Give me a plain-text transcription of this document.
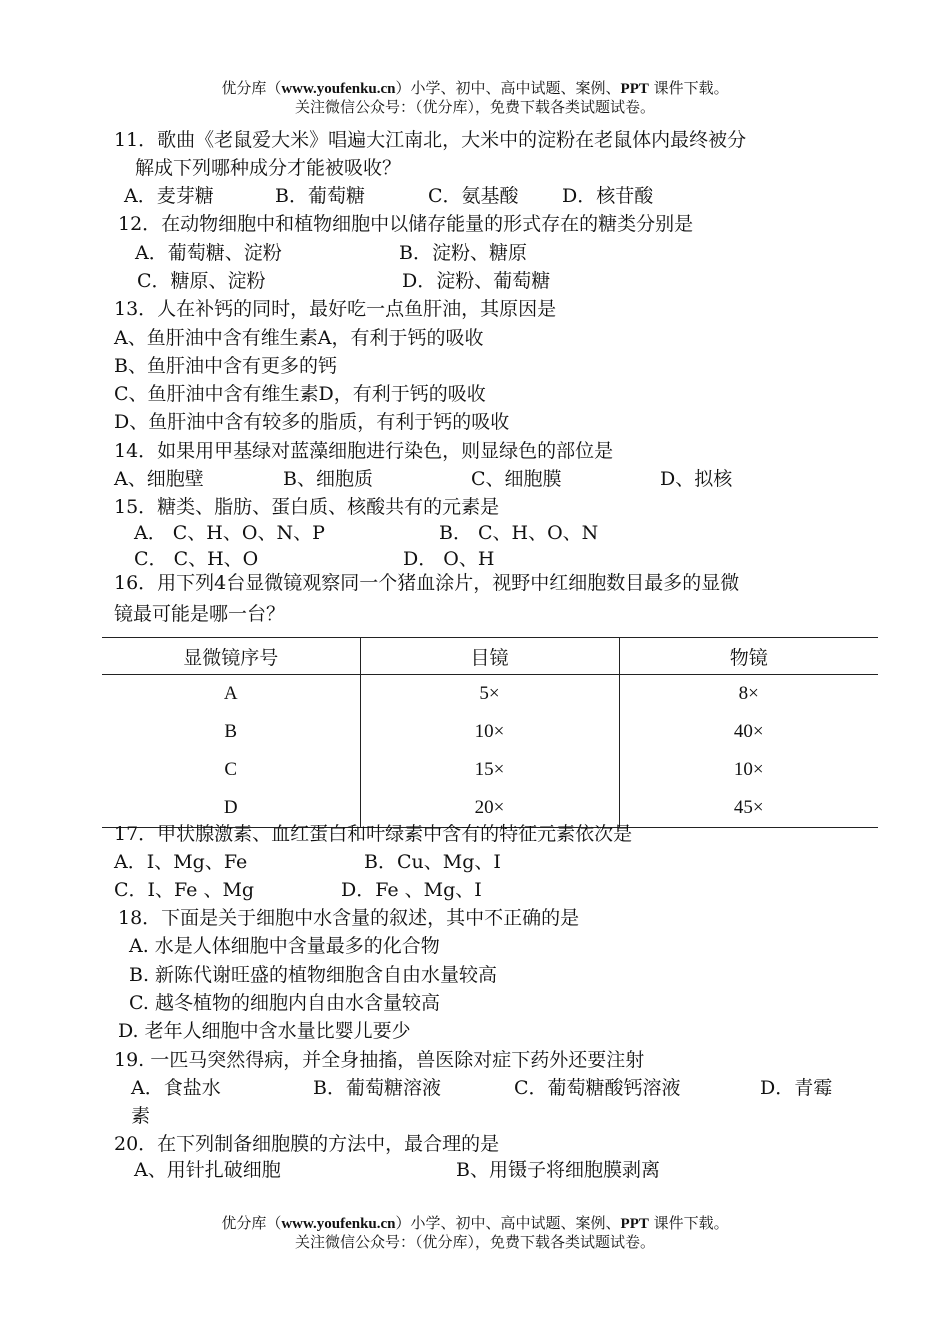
优分库（www.youfenku.cn）小学、初中、高中试题、案例、PPT 课件下载。
关注微信公众号：（优分库），免费下载各类试题试卷。
11．歌曲《老鼠爱大米》唱遍大江南北，大米中的淀粉在老鼠体内最终被分
解成下列哪种成分才能被吸收？
A．麦芽糖	B．葡萄糖	C．氨基酸 D．核苷酸
12．在动物细胞中和植物细胞中以储存能量的形式存在的糖类分别是
A．葡萄糖、淀粉	B．淀粉、糖原
C．糖原、淀粉	D．淀粉、葡萄糖
13．人在补钙的同时，最好吃一点鱼肝油，其原因是
A、鱼肝油中含有维生素A，有利于钙的吸收
B、鱼肝油中含有更多的钙
C、鱼肝油中含有维生素D，有利于钙的吸收
D、鱼肝油中含有较多的脂质，有利于钙的吸收
14．如果用甲基绿对蓝藻细胞进行染色，则显绿色的部位是
A、细胞壁	B、细胞质	C、细胞膜	D、拟核
15．糖类、脂肪、蛋白质、核酸共有的元素是
A． C、H、O、N、P	B． C、H、O、N
C． C、H、O	D． O、H
16．用下列4台显微镜观察同一个猪血涂片，视野中红细胞数目最多的显微
镜最可能是哪一台？
显微镜序号	目镜	物镜
A	5×	8×
B	10×	40×
C	15×	10×
D	20×	45×
17．甲状腺激素、血红蛋白和叶绿素中含有的特征元素依次是
A．I、Mg、Fe	B．Cu、Mg、I
C．I、Fe 、Mg	D．Fe 、Mg、I
18．下面是关于细胞中水含量的叙述，其中不正确的是
A. 水是人体细胞中含量最多的化合物
B. 新陈代谢旺盛的植物细胞含自由水量较高
C. 越冬植物的细胞内自由水含量较高
D. 老年人细胞中含水量比婴儿要少
19. 一匹马突然得病，并全身抽搐，兽医除对症下药外还要注射
A．食盐水	B．葡萄糖溶液	C．葡萄糖酸钙溶液	D．青霉
素
20．在下列制备细胞膜的方法中，最合理的是
A、用针扎破细胞	B、用镊子将细胞膜剥离
优分库（www.youfenku.cn）小学、初中、高中试题、案例、PPT 课件下载。
关注微信公众号：（优分库），免费下载各类试题试卷。
